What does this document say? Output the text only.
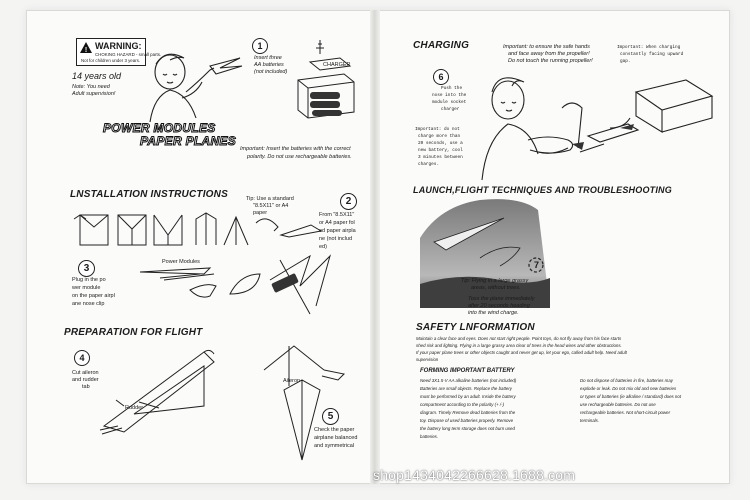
! WARNING:
CHOKING HAZARD - small parts.
Not for children under 3 years.
14 years old
Note: You need
Adult supervision!
POWER MODULES
PAPER PLANES
1
Insert three
AA batteries
(not included)
CHARGER
Important: Insert the batteries with the correct
polarity. Do not use rechargeable batteries.
LNSTALLATION INSTRUCTIONS	Tip: Use a standard
"8.5X11" or A4
paper
2
From "8.5X11"
or A4 paper fol
ed paper airpla
ne (not includ
ed)
3
Plug in the po
wer module
on the paper airpl
ane nose clip
Power Modules
PREPARATION FOR FLIGHT
4
Cut aileron
and rudder
tab
Rudder
Aileron
5
Check the paper
airplane balanced
and symmetrical
CHARGING	Important: to ensure the safe hands
and face away from the propeller!
Do not touch the running propeller!
Important: When charging
constantly facing upward
gap.
6
Push the
nose into the
module socket
charger
Important: do not
charge more than
20 seconds, use a
new battery, cool
3 minutes between
charges.
LAUNCH,FLIGHT TECHNIQUES AND TROUBLESHOOTING
7
Tip: Flying in a large grassy
areas, without trees.
Toss the plane immediately
after 20 seconds heading
into the wind charge.
SAFETY LNFORMATION
Maintain a clear face and eyes. Does not start right people. Point toys, do not fly away from his face starts
shed risk and lighting. Flying in a large grassy area clear of trees in the head wires and other obstructions.
If your paper plane trees or other objects caught and never get up, let your ego, called adult help. Need adult
supervision
FORMING IMPORTANT BATTERY
Need 3X1.5-V AA alkaline batteries (not included)
Batteries are small objects. Replace the battery
must be performed by an adult. Inside the battery
compartment according to the polarity (+ /-)
diagram. Timely Remove dead batteries from the
toy. Dispose of used batteries properly. Remove
the battery long term storage does not burn used
batteries.
Do not dispose of batteries in fire, batteries may
explode or leak. Do not mix old and new batteries
or types of batteries (ie alkaline / standard) does not
use rechargeable batteries. Do not use
rechargeable batteries. Not short-circuit power
terminals.
shop1434042266628.1688.com
